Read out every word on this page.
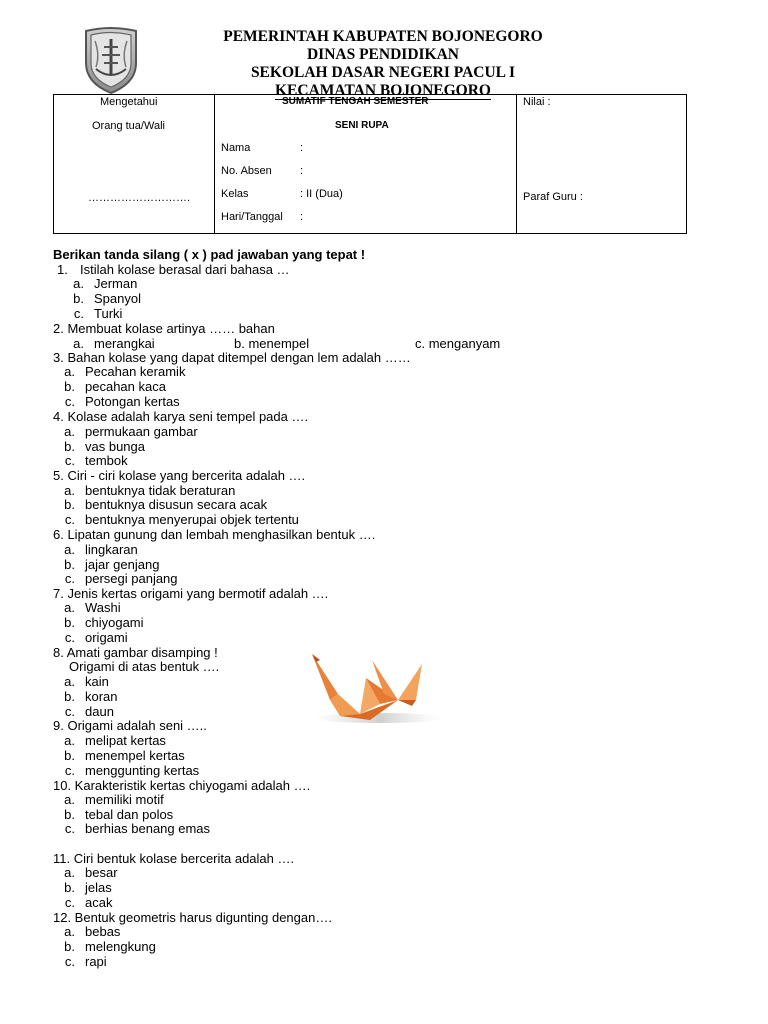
PEMERINTAH KABUPATEN BOJONEGORO
DINAS PENDIDIKAN
SEKOLAH DASAR NEGERI PACUL I
KECAMATAN BOJONEGORO
Mengetahui
Orang tua/Wali
……………………….
SUMATIF TENGAH SEMESTER
SENI RUPA
Nama	:
No. Absen	:
Kelas	: II (Dua)
Hari/Tanggal :
Nilai :
Paraf Guru :
Berikan tanda silang ( x ) pad jawaban yang tepat !
1. Istilah kolase berasal dari bahasa …
a. Jerman
b. Spanyol
c. Turki
2. Membuat kolase artinya …… bahan
a. merangkai	b. menempel	c. menganyam
3. Bahan kolase yang dapat ditempel dengan lem adalah ……
a. Pecahan keramik
b. pecahan kaca
c. Potongan kertas
4. Kolase adalah karya seni tempel pada ….
a. permukaan gambar
b. vas bunga
c. tembok
5. Ciri - ciri kolase yang bercerita adalah ….
a. bentuknya tidak beraturan
b. bentuknya disusun secara acak
c. bentuknya menyerupai objek tertentu
6. Lipatan gunung dan lembah menghasilkan bentuk ….
a. lingkaran
b. jajar genjang
c. persegi panjang
7. Jenis kertas origami yang bermotif adalah ….
a. Washi
b. chiyogami
c. origami
8. Amati gambar disamping !
Origami di atas bentuk ….
a. kain
b. koran
c. daun
9. Origami adalah seni …..
a. melipat kertas
b. menempel kertas
c. menggunting kertas
10. Karakteristik kertas chiyogami adalah ….
a. memiliki motif
b. tebal dan polos
c. berhias benang emas
11. Ciri bentuk kolase bercerita adalah ….
a. besar
b. jelas
c. acak
12. Bentuk geometris harus digunting dengan….
a. bebas
b. melengkung
c. rapi
